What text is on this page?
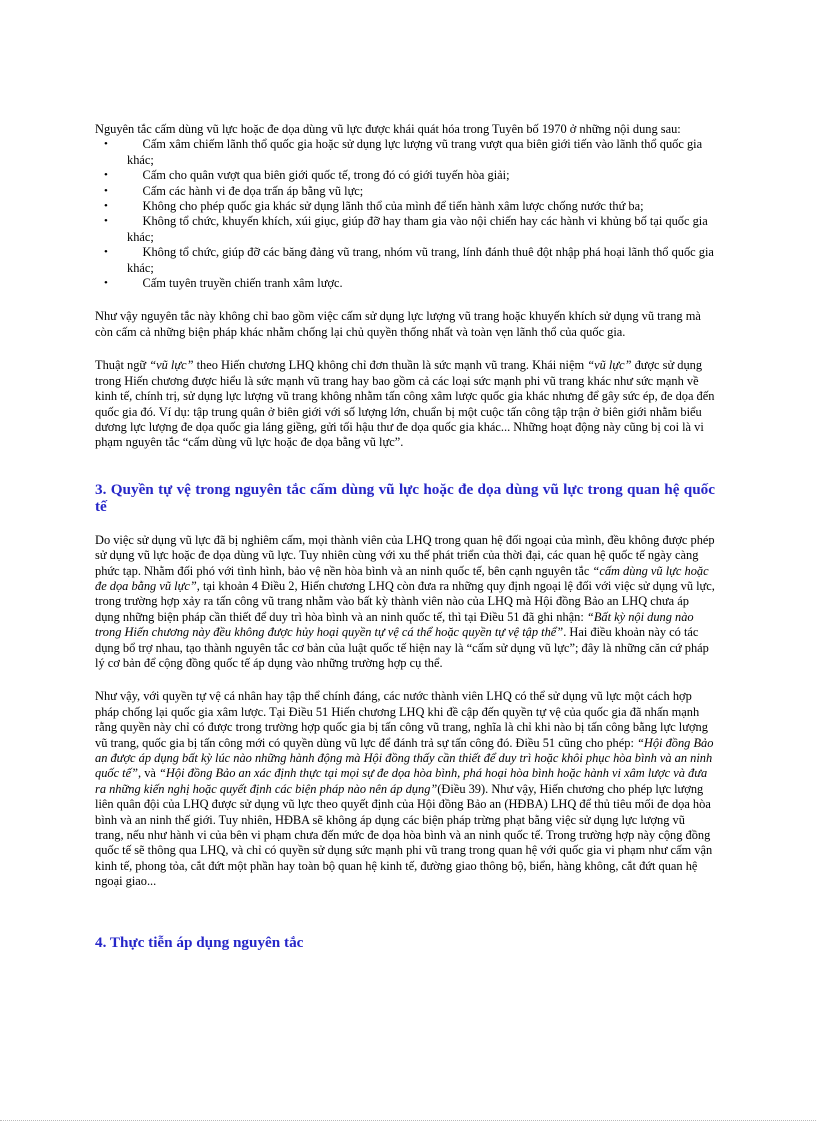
Nguyên tắc cấm dùng vũ lực hoặc đe dọa dùng vũ lực được khái quát hóa trong Tuyên bố 1970 ở những nội dung sau:

•	Cấm xâm chiếm lãnh thổ quốc gia hoặc sử dụng lực lượng vũ trang vượt qua biên giới tiến vào lãnh thổ quốc gia khác;
•	Cấm cho quân vượt qua biên giới quốc tế, trong đó có giới tuyến hòa giải;
•	Cấm các hành vi đe dọa trấn áp bằng vũ lực;
•	Không cho phép quốc gia khác sử dụng lãnh thổ của mình để tiến hành xâm lược chống nước thứ ba;
•	Không tổ chức, khuyến khích, xúi giục, giúp đỡ hay tham gia vào nội chiến hay các hành vi khủng bố tại quốc gia khác;
•	Không tổ chức, giúp đỡ các băng đảng vũ trang, nhóm vũ trang, lính đánh thuê đột nhập phá hoại lãnh thổ quốc gia khác;
•	Cấm tuyên truyền chiến tranh xâm lược.

Như vậy nguyên tắc này không chỉ bao gồm việc cấm sử dụng lực lượng vũ trang hoặc khuyến khích sử dụng vũ trang mà còn cấm cả những biện pháp khác nhằm chống lại chủ quyền thống nhất và toàn vẹn lãnh thổ của quốc gia.

Thuật ngữ “vũ lực” theo Hiến chương LHQ không chỉ đơn thuần là sức mạnh vũ trang. Khái niệm “vũ lực” được sử dụng trong Hiến chương được hiểu là sức mạnh vũ trang hay bao gồm cả các loại sức mạnh phi vũ trang khác như sức mạnh về kinh tế, chính trị, sử dụng lực lượng vũ trang không nhằm tấn công xâm lược quốc gia khác nhưng để gây sức ép, đe dọa đến quốc gia đó. Ví dụ: tập trung quân ở biên giới với số lượng lớn, chuẩn bị một cuộc tấn công tập trận ở biên giới nhằm biểu dương lực lượng đe dọa quốc gia láng giềng, gửi tối hậu thư đe dọa quốc gia khác... Những hoạt động này cũng bị coi là vi phạm nguyên tắc “cấm dùng vũ lực hoặc đe dọa bằng vũ lực”.

3. Quyền tự vệ trong nguyên tắc cấm dùng vũ lực hoặc đe dọa dùng vũ lực trong quan hệ quốc tế

Do việc sử dụng vũ lực đã bị nghiêm cấm, mọi thành viên của LHQ trong quan hệ đối ngoại của mình, đều không được phép sử dụng vũ lực hoặc đe dọa dùng vũ lực. Tuy nhiên cùng với xu thế phát triển của thời đại, các quan hệ quốc tế ngày càng phức tạp. Nhằm đối phó với tình hình, bảo vệ nền hòa bình và an ninh quốc tế, bên cạnh nguyên tắc “cấm dùng vũ lực hoặc đe dọa bằng vũ lực”, tại khoản 4 Điều 2, Hiến chương LHQ còn đưa ra những quy định ngoại lệ đối với việc sử dụng vũ lực, trong trường hợp xảy ra tấn công vũ trang nhằm vào bất kỳ thành viên nào của LHQ mà Hội đồng Bảo an LHQ chưa áp dụng những biện pháp cần thiết để duy trì hòa bình và an ninh quốc tế, thì tại Điều 51 đã ghi nhận: “Bất kỳ nội dung nào trong Hiến chương này đều không được hủy hoại quyền tự vệ cá thể hoặc quyền tự vệ tập thể”. Hai điều khoản này có tác dụng bổ trợ nhau, tạo thành nguyên tắc cơ bản của luật quốc tế hiện nay là “cấm sử dụng vũ lực”; đây là những căn cứ pháp lý cơ bản để cộng đồng quốc tế áp dụng vào những trường hợp cụ thể.

Như vậy, với quyền tự vệ cá nhân hay tập thể chính đáng, các nước thành viên LHQ có thể sử dụng vũ lực một cách hợp pháp chống lại quốc gia xâm lược. Tại Điều 51 Hiến chương LHQ khi đề cập đến quyền tự vệ của quốc gia đã nhấn mạnh rằng quyền này chỉ có được trong trường hợp quốc gia bị tấn công vũ trang, nghĩa là chỉ khi nào bị tấn công bằng lực lượng vũ trang, quốc gia bị tấn công mới có quyền dùng vũ lực để đánh trả sự tấn công đó. Điều 51 cũng cho phép: “Hội đồng Bảo an được áp dụng bất kỳ lúc nào những hành động mà Hội đồng thấy cần thiết để duy trì hoặc khôi phục hòa bình và an ninh quốc tế”, và “Hội đồng Bảo an xác định thực tại mọi sự đe dọa hòa bình, phá hoại hòa bình hoặc hành vi xâm lược và đưa ra những kiến nghị hoặc quyết định các biện pháp nào nên áp dụng”(Điều 39). Như vậy, Hiến chương cho phép lực lượng liên quân đội của LHQ được sử dụng vũ lực theo quyết định của Hội đồng Bảo an (HĐBA) LHQ để thủ tiêu mối đe dọa hòa bình và an ninh thế giới. Tuy nhiên, HĐBA sẽ không áp dụng các biện pháp trừng phạt bằng việc sử dụng lực lượng vũ trang, nếu như hành vi của bên vi phạm chưa đến mức đe dọa hòa bình và an ninh quốc tế. Trong trường hợp này cộng đồng quốc tế sẽ thông qua LHQ, và chỉ có quyền sử dụng sức mạnh phi vũ trang trong quan hệ với quốc gia vi phạm như cấm vận kinh tế, phong tỏa, cắt đứt một phần hay toàn bộ quan hệ kinh tế, đường giao thông bộ, biển, hàng không, cắt đứt quan hệ ngoại giao...

4. Thực tiễn áp dụng nguyên tắc
